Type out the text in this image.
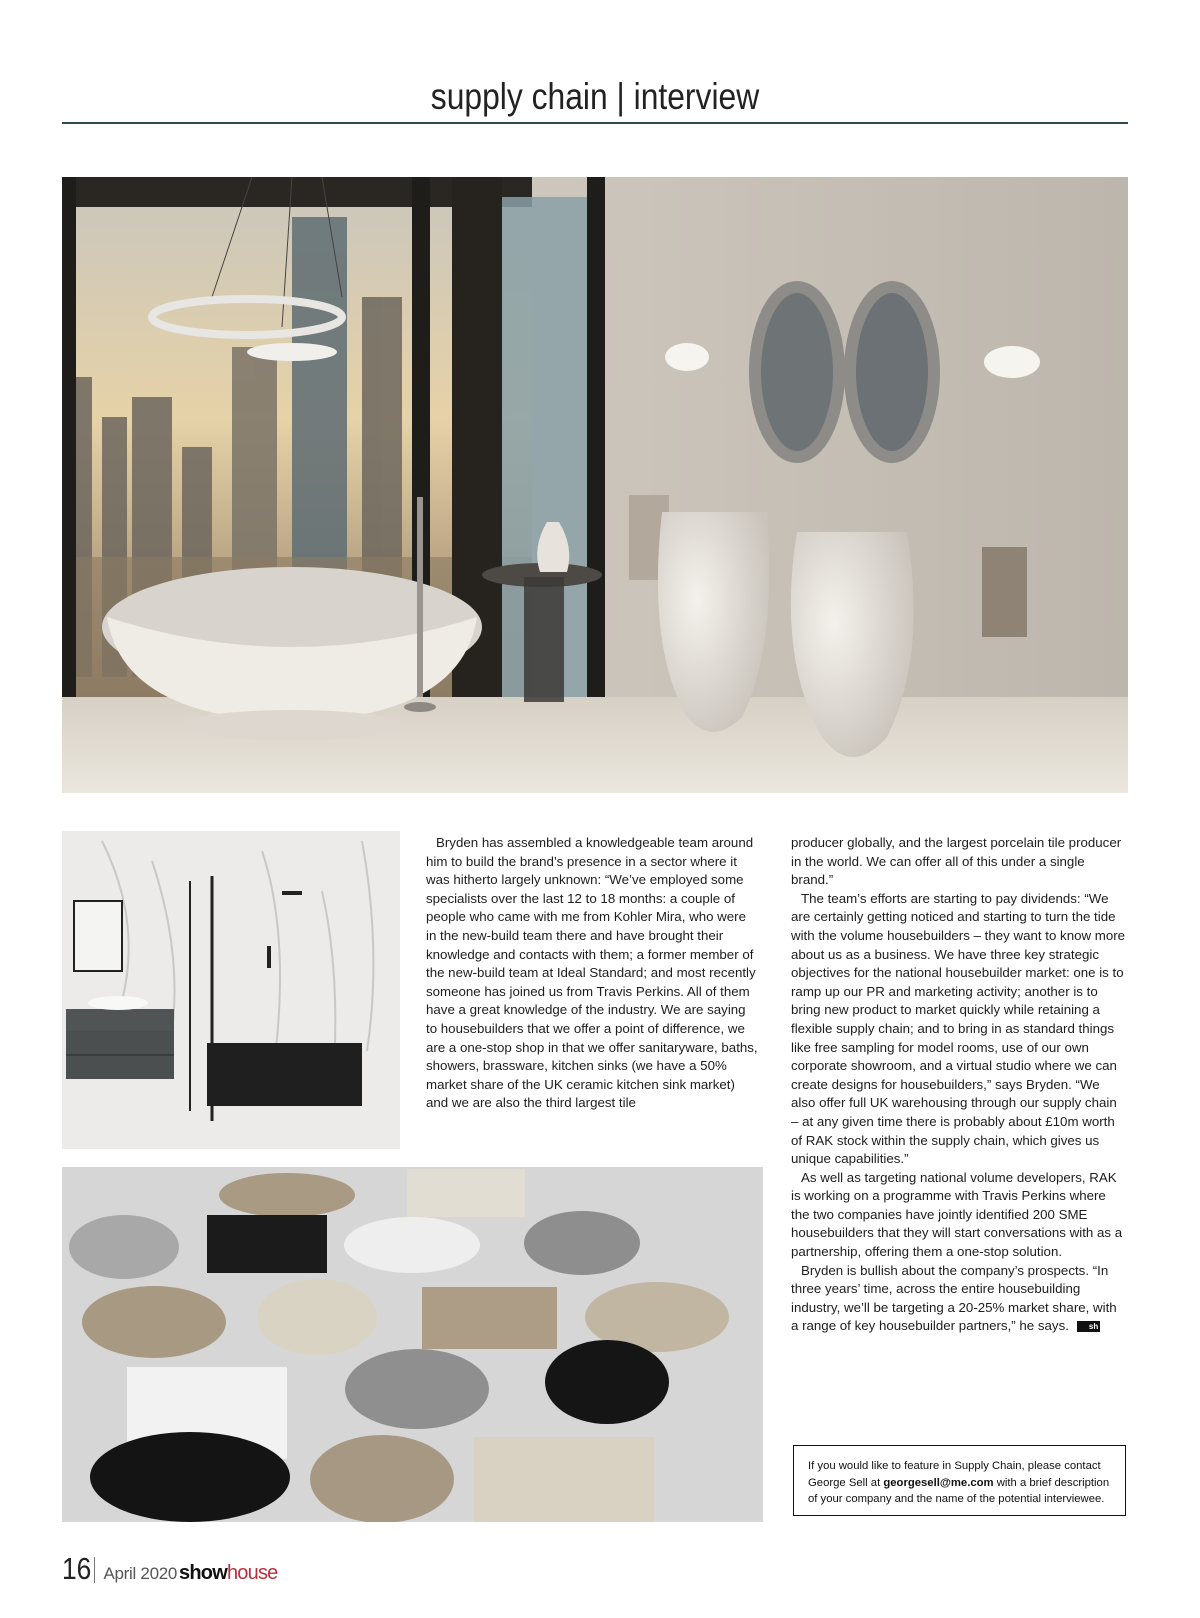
supply chain | interview

Bryden has assembled a knowledgeable team around him to build the brand’s presence in a sector where it was hitherto largely unknown: “We’ve employed some specialists over the last 12 to 18 months: a couple of people who came with me from Kohler Mira, who were in the new-build team there and have brought their knowledge and contacts with them; a former member of the new-build team at Ideal Standard; and most recently someone has joined us from Travis Perkins. All of them have a great knowledge of the industry. We are saying to housebuilders that we offer a point of difference, we are a one-stop shop in that we offer sanitaryware, baths, showers, brassware, kitchen sinks (we have a 50% market share of the UK ceramic kitchen sink market) and we are also the third largest tile

producer globally, and the largest porcelain tile producer in the world. We can offer all of this under a single brand.”

The team’s efforts are starting to pay dividends: “We are certainly getting noticed and starting to turn the tide with the volume housebuilders – they want to know more about us as a business. We have three key strategic objectives for the national housebuilder market: one is to ramp up our PR and marketing activity; another is to bring new product to market quickly while retaining a flexible supply chain; and to bring in as standard things like free sampling for model rooms, use of our own corporate showroom, and a virtual studio where we can create designs for housebuilders,” says Bryden. “We also offer full UK warehousing through our supply chain – at any given time there is probably about £10m worth of RAK stock within the supply chain, which gives us unique capabilities.”

As well as targeting national volume developers, RAK is working on a programme with Travis Perkins where the two companies have jointly identified 200 SME housebuilders that they will start conversations with as a partnership, offering them a one-stop solution.

Bryden is bullish about the company’s prospects. “In three years’ time, across the entire housebuilding industry, we’ll be targeting a 20-25% market share, with a range of key housebuilder partners,” he says.	sh

If you would like to feature in Supply Chain, please contact George Sell at georgesell@me.com with a brief description of your company and the name of the potential interviewee.
16 April 2020 showhouse
